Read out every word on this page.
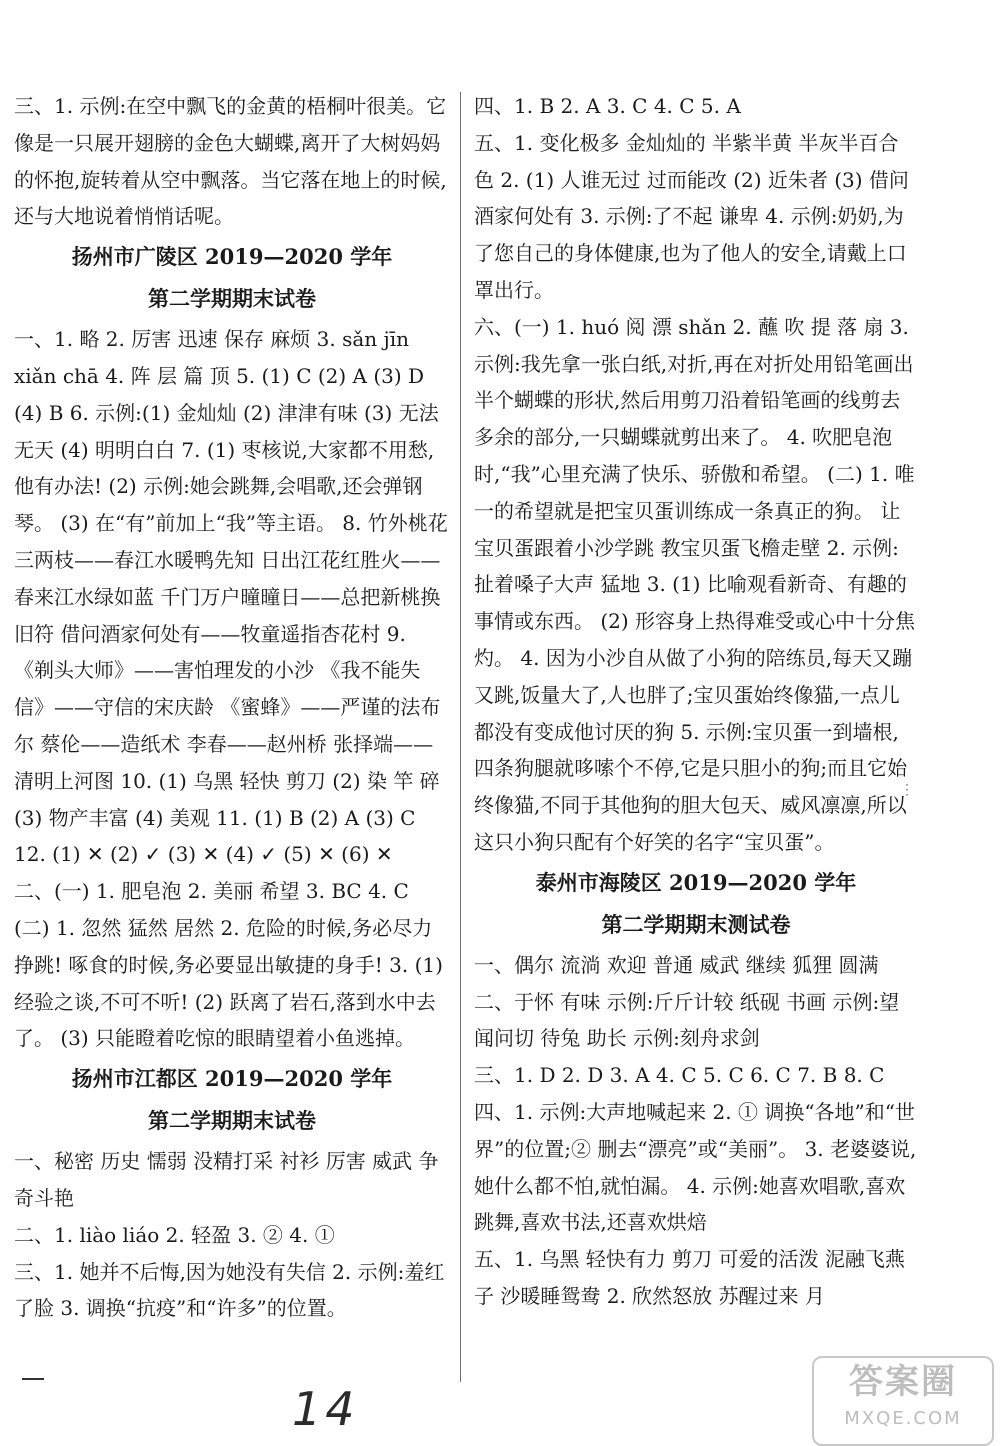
三、1. 示例:在空中飘飞的金黄的梧桐叶很美。它像是一只展开翅膀的金色大蝴蝶,离开了大树妈妈的怀抱,旋转着从空中飘落。当它落在地上的时候,还与大地说着悄悄话呢。
扬州市广陵区 2019—2020 学年
第二学期期末试卷
一、1. 略 2. 厉害 迅速 保存 麻烦 3. sǎn jīn xiǎn chā 4. 阵 层 篇 顶 5. (1) C (2) A (3) D (4) B 6. 示例:(1) 金灿灿 (2) 津津有味 (3) 无法无天 (4) 明明白白 7. (1) 枣核说,大家都不用愁,他有办法! (2) 示例:她会跳舞,会唱歌,还会弹钢琴。 (3) 在“有”前加上“我”等主语。 8. 竹外桃花三两枝——春江水暖鸭先知 日出江花红胜火——春来江水绿如蓝 千门万户曈曈日——总把新桃换旧符 借问酒家何处有——牧童遥指杏花村 9. 《剃头大师》——害怕理发的小沙 《我不能失信》——守信的宋庆龄 《蜜蜂》——严谨的法布尔 蔡伦——造纸术 李春——赵州桥 张择端——清明上河图 10. (1) 乌黑 轻快 剪刀 (2) 染 竿 碎 (3) 物产丰富 (4) 美观 11. (1) B (2) A (3) C 12. (1) ✕ (2) ✓ (3) ✕ (4) ✓ (5) ✕ (6) ✕
二、(一) 1. 肥皂泡 2. 美丽 希望 3. BC 4. C (二) 1. 忽然 猛然 居然 2. 危险的时候,务必尽力挣跳! 啄食的时候,务必要显出敏捷的身手! 3. (1) 经验之谈,不可不听! (2) 跃离了岩石,落到水中去了。 (3) 只能瞪着吃惊的眼睛望着小鱼逃掉。
扬州市江都区 2019—2020 学年
第二学期期末试卷
一、秘密 历史 懦弱 没精打采 衬衫 厉害 威武 争奇斗艳
二、1. liào liáo 2. 轻盈 3. ② 4. ①
三、1. 她并不后悔,因为她没有失信 2. 示例:羞红了脸 3. 调换“抗疫”和“许多”的位置。
四、1. B 2. A 3. C 4. C 5. A
五、1. 变化极多 金灿灿的 半紫半黄 半灰半百合色 2. (1) 人谁无过 过而能改 (2) 近朱者 (3) 借问酒家何处有 3. 示例:了不起 谦卑 4. 示例:奶奶,为了您自己的身体健康,也为了他人的安全,请戴上口罩出行。
六、(一) 1. huó 阅 漂 shǎn 2. 蘸 吹 提 落 扇 3. 示例:我先拿一张白纸,对折,再在对折处用铅笔画出半个蝴蝶的形状,然后用剪刀沿着铅笔画的线剪去多余的部分,一只蝴蝶就剪出来了。 4. 吹肥皂泡时,“我”心里充满了快乐、骄傲和希望。 (二) 1. 唯一的希望就是把宝贝蛋训练成一条真正的狗。 让宝贝蛋跟着小沙学跳 教宝贝蛋飞檐走壁 2. 示例:扯着嗓子大声 猛地 3. (1) 比喻观看新奇、有趣的事情或东西。 (2) 形容身上热得难受或心中十分焦灼。 4. 因为小沙自从做了小狗的陪练员,每天又蹦又跳,饭量大了,人也胖了;宝贝蛋始终像猫,一点儿都没有变成他讨厌的狗 5. 示例:宝贝蛋一到墙根,四条狗腿就哆嗦个不停,它是只胆小的狗;而且它始终像猫,不同于其他狗的胆大包天、威风凛凛,所以这只小狗只配有个好笑的名字“宝贝蛋”。
泰州市海陵区 2019—2020 学年
第二学期期末测试卷
一、偶尔 流淌 欢迎 普通 威武 继续 狐狸 圆满
二、于怀 有味 示例:斤斤计较 纸砚 书画 示例:望闻问切 待兔 助长 示例:刻舟求剑
三、1. D 2. D 3. A 4. C 5. C 6. C 7. B 8. C
四、1. 示例:大声地喊起来 2. ① 调换“各地”和“世界”的位置;② 删去“漂亮”或“美丽”。 3. 老婆婆说,她什么都不怕,就怕漏。 4. 示例:她喜欢唱歌,喜欢跳舞,喜欢书法,还喜欢烘焙
五、1. 乌黑 轻快有力 剪刀 可爱的活泼 泥融飞燕子 沙暖睡鸳鸯 2. 欣然怒放 苏醒过来 月
⋮
14	答案圈
MXQE.COM
